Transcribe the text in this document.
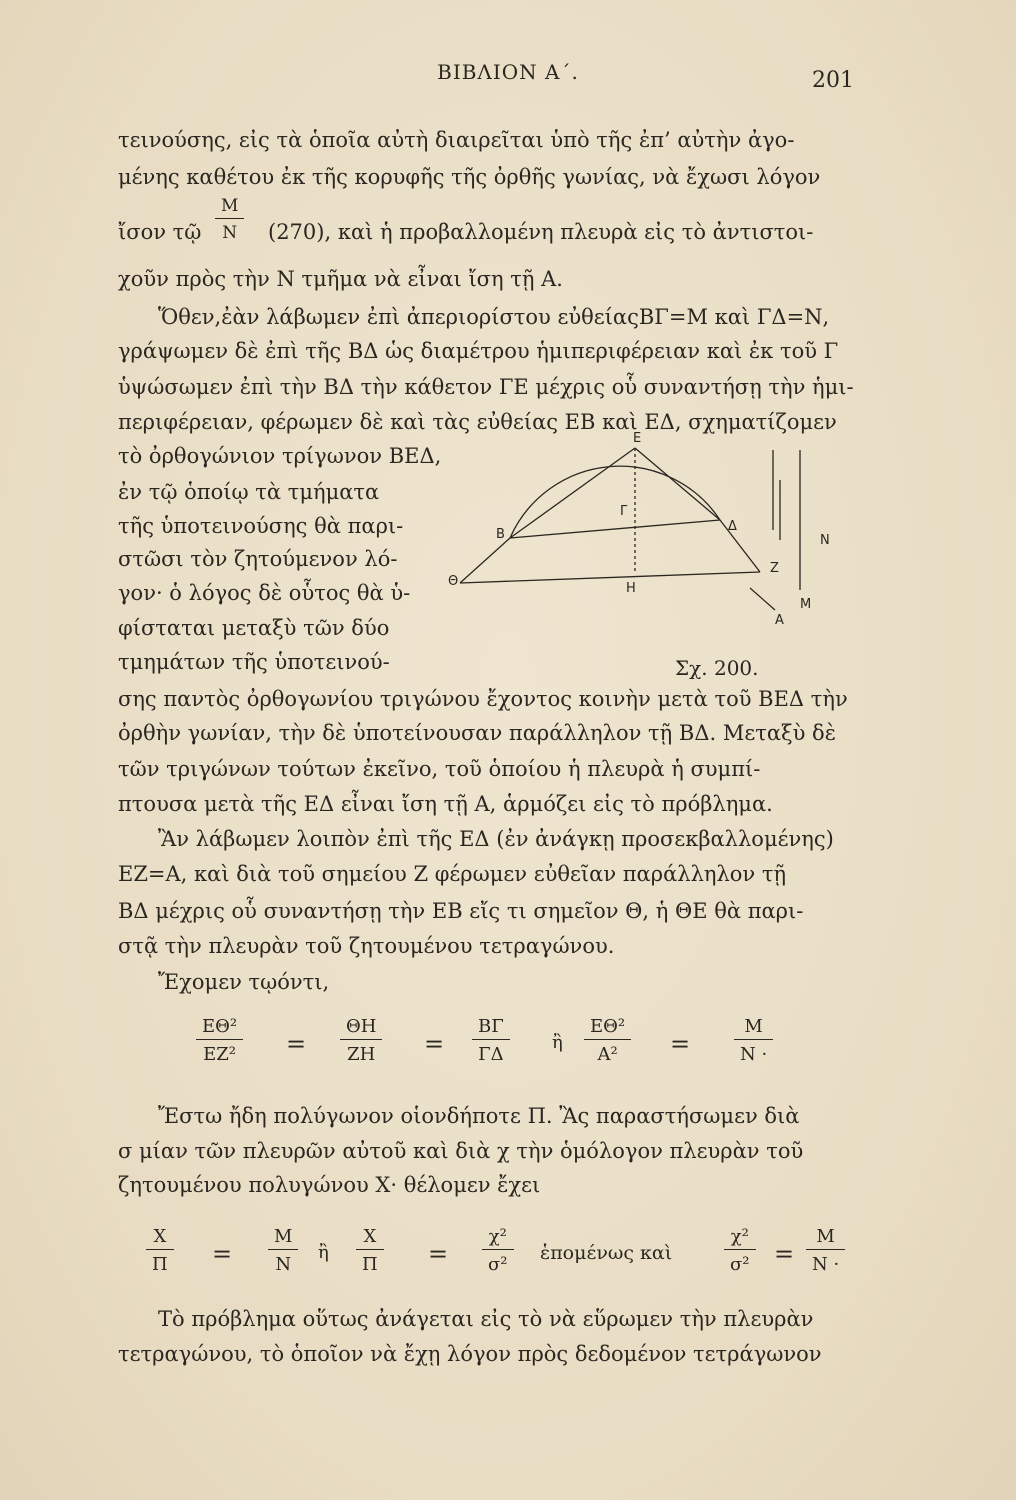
ΒΙΒΛΙΟΝ Α΄.	201
τεινούσης, εἰς τὰ ὁποῖα αὐτὴ διαιρεῖται ὑπὸ τῆς ἐπ’ αὐτὴν ἀγο-
μένης καθέτου ἐκ τῆς κορυφῆς τῆς ὀρθῆς γωνίας, νὰ ἔχωσι λόγον
ἴσον τῷ $\frac{M}{N} (270)$, καὶ ἡ προβαλλομένη πλευρὰ εἰς τὸ ἀντιστοι-
χοῦν πρὸς τὴν Ν τμῆμα νὰ εἶναι ἴση τῇ Α.
Ὅθεν,ἐὰν λάβωμεν ἐπὶ ἀπεριορίστου εὐθείαςΒΓ=Μ καὶ ΓΔ=Ν,
γράψωμεν δὲ ἐπὶ τῆς ΒΔ ὡς διαμέτρου ἡμιπεριφέρειαν καὶ ἐκ τοῦ Γ
ὑψώσωμεν ἐπὶ τὴν ΒΔ τὴν κάθετον ΓΕ μέχρις οὗ συναντήσῃ τὴν ἡμι-
περιφέρειαν, φέρωμεν δὲ καὶ τὰς εὐθείας ΕΒ καὶ ΕΔ, σχηματίζομεν
τὸ ὀρθογώνιον τρίγωνον ΒΕΔ,
ἐν τῷ ὁποίῳ τὰ τμήματα
τῆς ὑποτεινούσης θὰ παρι-
στῶσι τὸν ζητούμενον λό-
γον· ὁ λόγος δὲ οὗτος θὰ ὑ-
φίσταται μεταξὺ τῶν δύο
τμημάτων τῆς ὑποτεινού-
Ε
Γ
Β
Δ
Θ	Η
Ζ
Α
Ν
Μ
Σχ. 200.
σης παντὸς ὀρθογωνίου τριγώνου ἔχοντος κοινὴν μετὰ τοῦ ΒΕΔ τὴν
ὀρθὴν γωνίαν, τὴν δὲ ὑποτείνουσαν παράλληλον τῇ ΒΔ. Μεταξὺ δὲ
τῶν τριγώνων τούτων ἐκεῖνο, τοῦ ὁποίου ἡ πλευρὰ ἡ συμπί-
πτουσα μετὰ τῆς ΕΔ εἶναι ἴση τῇ Α, ἁρμόζει εἰς τὸ πρόβλημα.
Ἂν λάβωμεν λοιπὸν ἐπὶ τῆς ΕΔ (ἐν ἀνάγκῃ προσεκβαλλομένης)
ΕΖ=Α, καὶ διὰ τοῦ σημείου Ζ φέρωμεν εὐθεῖαν παράλληλον τῇ
ΒΔ μέχρις οὗ συναντήσῃ τὴν ΕΒ εἴς τι σημεῖον Θ, ἡ ΘΕ θὰ παρι-
στᾷ τὴν πλευρὰν τοῦ ζητουμένου τετραγώνου.
Ἔχομεν τῳόντι,
$\frac{\text{ΕΘ²}}{\text{ΕΖ²}} = \frac{\Theta H}{ZH} = \frac{B\Gamma}{\Gamma\Delta}$ ἢ $\frac{\text{ΕΘ²}}{\text{Α²}} = \frac{M}{N \cdot}$
Ἔστω ἤδη πολύγωνον οἱονδήποτε Π. Ἂς παραστήσωμεν διὰ
σ μίαν τῶν πλευρῶν αὐτοῦ καὶ διὰ χ τὴν ὁμόλογον πλευρὰν τοῦ
ζητουμένου πολυγώνου Χ· θέλομεν ἔχει
$\frac{X}{\Pi} = \frac{M}{N}$ ἢ $\frac{X}{\Pi} = \frac{\text{χ²}}{\text{σ²}}$ ἑπομένως καὶ	$\frac{\text{χ²}}{\text{σ²}} = \frac{M}{N \cdot}$
Τὸ πρόβλημα οὕτως ἀνάγεται εἰς τὸ νὰ εὕρωμεν τὴν πλευρὰν
τετραγώνου, τὸ ὁποῖον νὰ ἔχῃ λόγον πρὸς δεδομένον τετράγωνον
